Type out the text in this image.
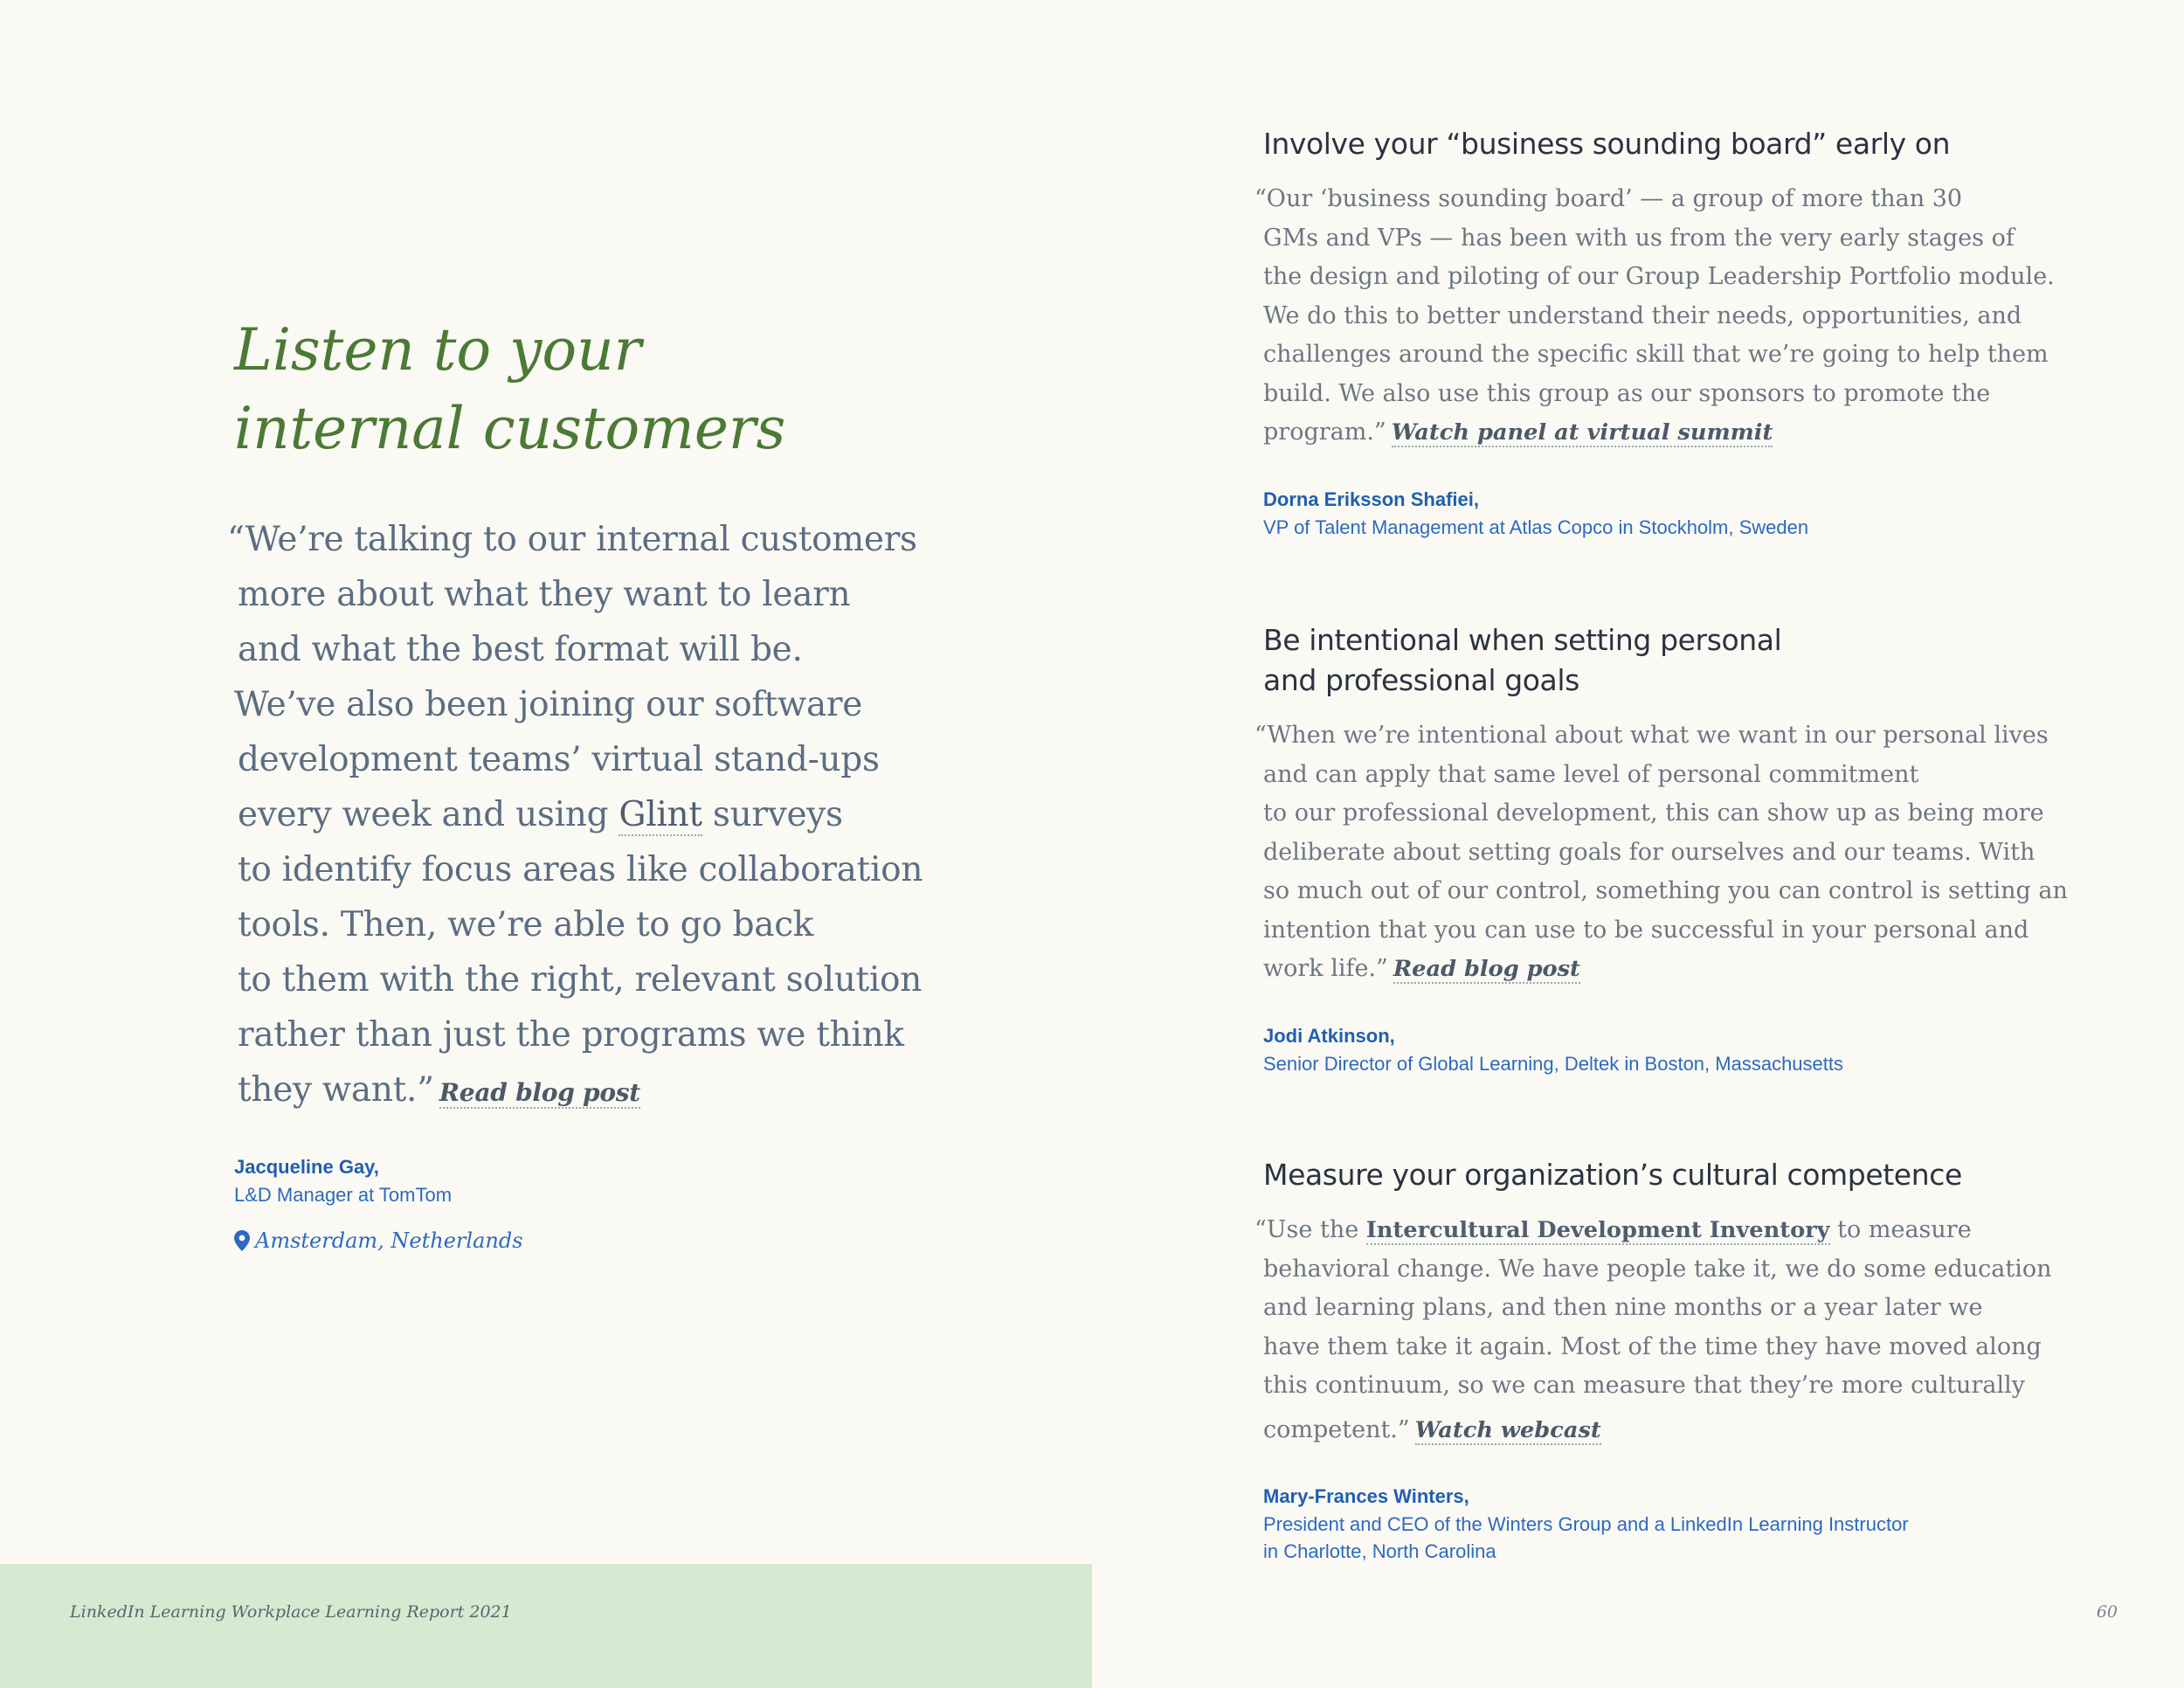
Listen to your
internal customers
“We’re talking to our internal customers
more about what they want to learn
and what the best format will be.
We’ve also been joining our software
development teams’ virtual stand-ups
every week and using Glint surveys
to identify focus areas like collaboration
tools. Then, we’re able to go back
to them with the right, relevant solution
rather than just the programs we think
they want.” Read blog post
Jacqueline Gay,
L&D Manager at TomTom
Amsterdam, Netherlands
Involve your “business sounding board” early on
“Our ‘business sounding board’ — a group of more than 30
GMs and VPs — has been with us from the very early stages of
the design and piloting of our Group Leadership Portfolio module.
We do this to better understand their needs, opportunities, and
challenges around the specific skill that we’re going to help them
build. We also use this group as our sponsors to promote the
program.” Watch panel at virtual summit
Dorna Eriksson Shafiei,
VP of Talent Management at Atlas Copco in Stockholm, Sweden
Be intentional when setting personal
and professional goals
“When we’re intentional about what we want in our personal lives
and can apply that same level of personal commitment
to our professional development, this can show up as being more
deliberate about setting goals for ourselves and our teams. With
so much out of our control, something you can control is setting an
intention that you can use to be successful in your personal and
work life.” Read blog post
Jodi Atkinson,
Senior Director of Global Learning, Deltek in Boston, Massachusetts
Measure your organization’s cultural competence
“Use the Intercultural Development Inventory to measure
behavioral change. We have people take it, we do some education
and learning plans, and then nine months or a year later we
have them take it again. Most of the time they have moved along
this continuum, so we can measure that they’re more culturally
competent.” Watch webcast
Mary-Frances Winters,
President and CEO of the Winters Group and a LinkedIn Learning Instructor
in Charlotte, North Carolina
LinkedIn Learning Workplace Learning Report 2021	60
